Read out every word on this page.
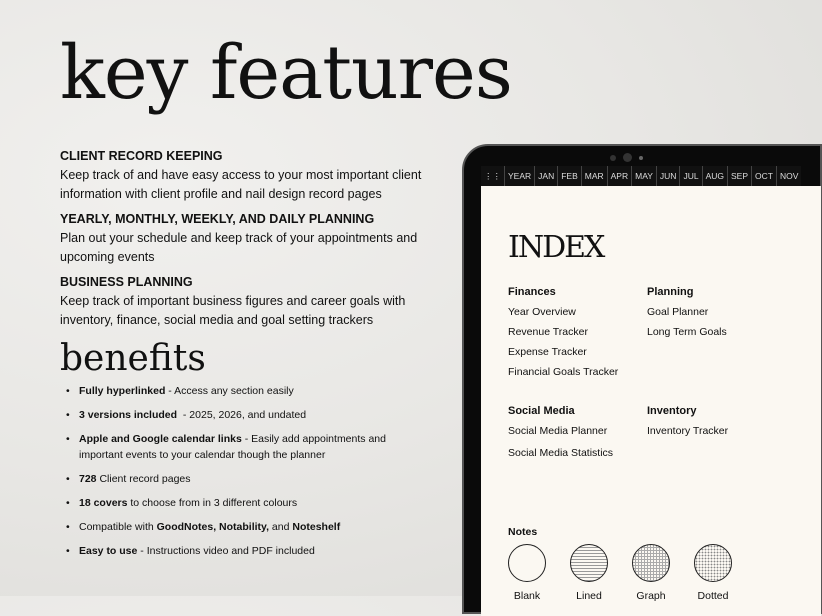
key features
CLIENT RECORD KEEPING

Keep track of and have easy access to your most important client information with client profile and nail design record pages

YEARLY, MONTHLY, WEEKLY, AND DAILY PLANNING

Plan out your schedule and keep track of your appointments and upcoming events

BUSINESS PLANNING

Keep track of important business figures and career goals with inventory, finance, social media and goal setting trackers

benefits
• Fully hyperlinked - Access any section easily
• 3 versions included  - 2025, 2026, and undated
• Apple and Google calendar links - Easily add appointments and important events to your calendar though the planner
• 728 Client record pages
• 18 covers to choose from in 3 different colours
• Compatible with GoodNotes, Notability, and Noteshelf
• Easy to use - Instructions video and PDF included
⋮⋮ YEAR JAN FEB MAR APR MAY JUN JUL AUG SEP OCT NOV
INDEX
Finances
Year Overview
Revenue Tracker
Expense Tracker
Financial Goals Tracker
Planning
Goal Planner
Long Term Goals
Social Media
Social Media Planner
Social Media Statistics
Inventory
Inventory Tracker
Notes
Blank	Lined	Graph	Dotted
